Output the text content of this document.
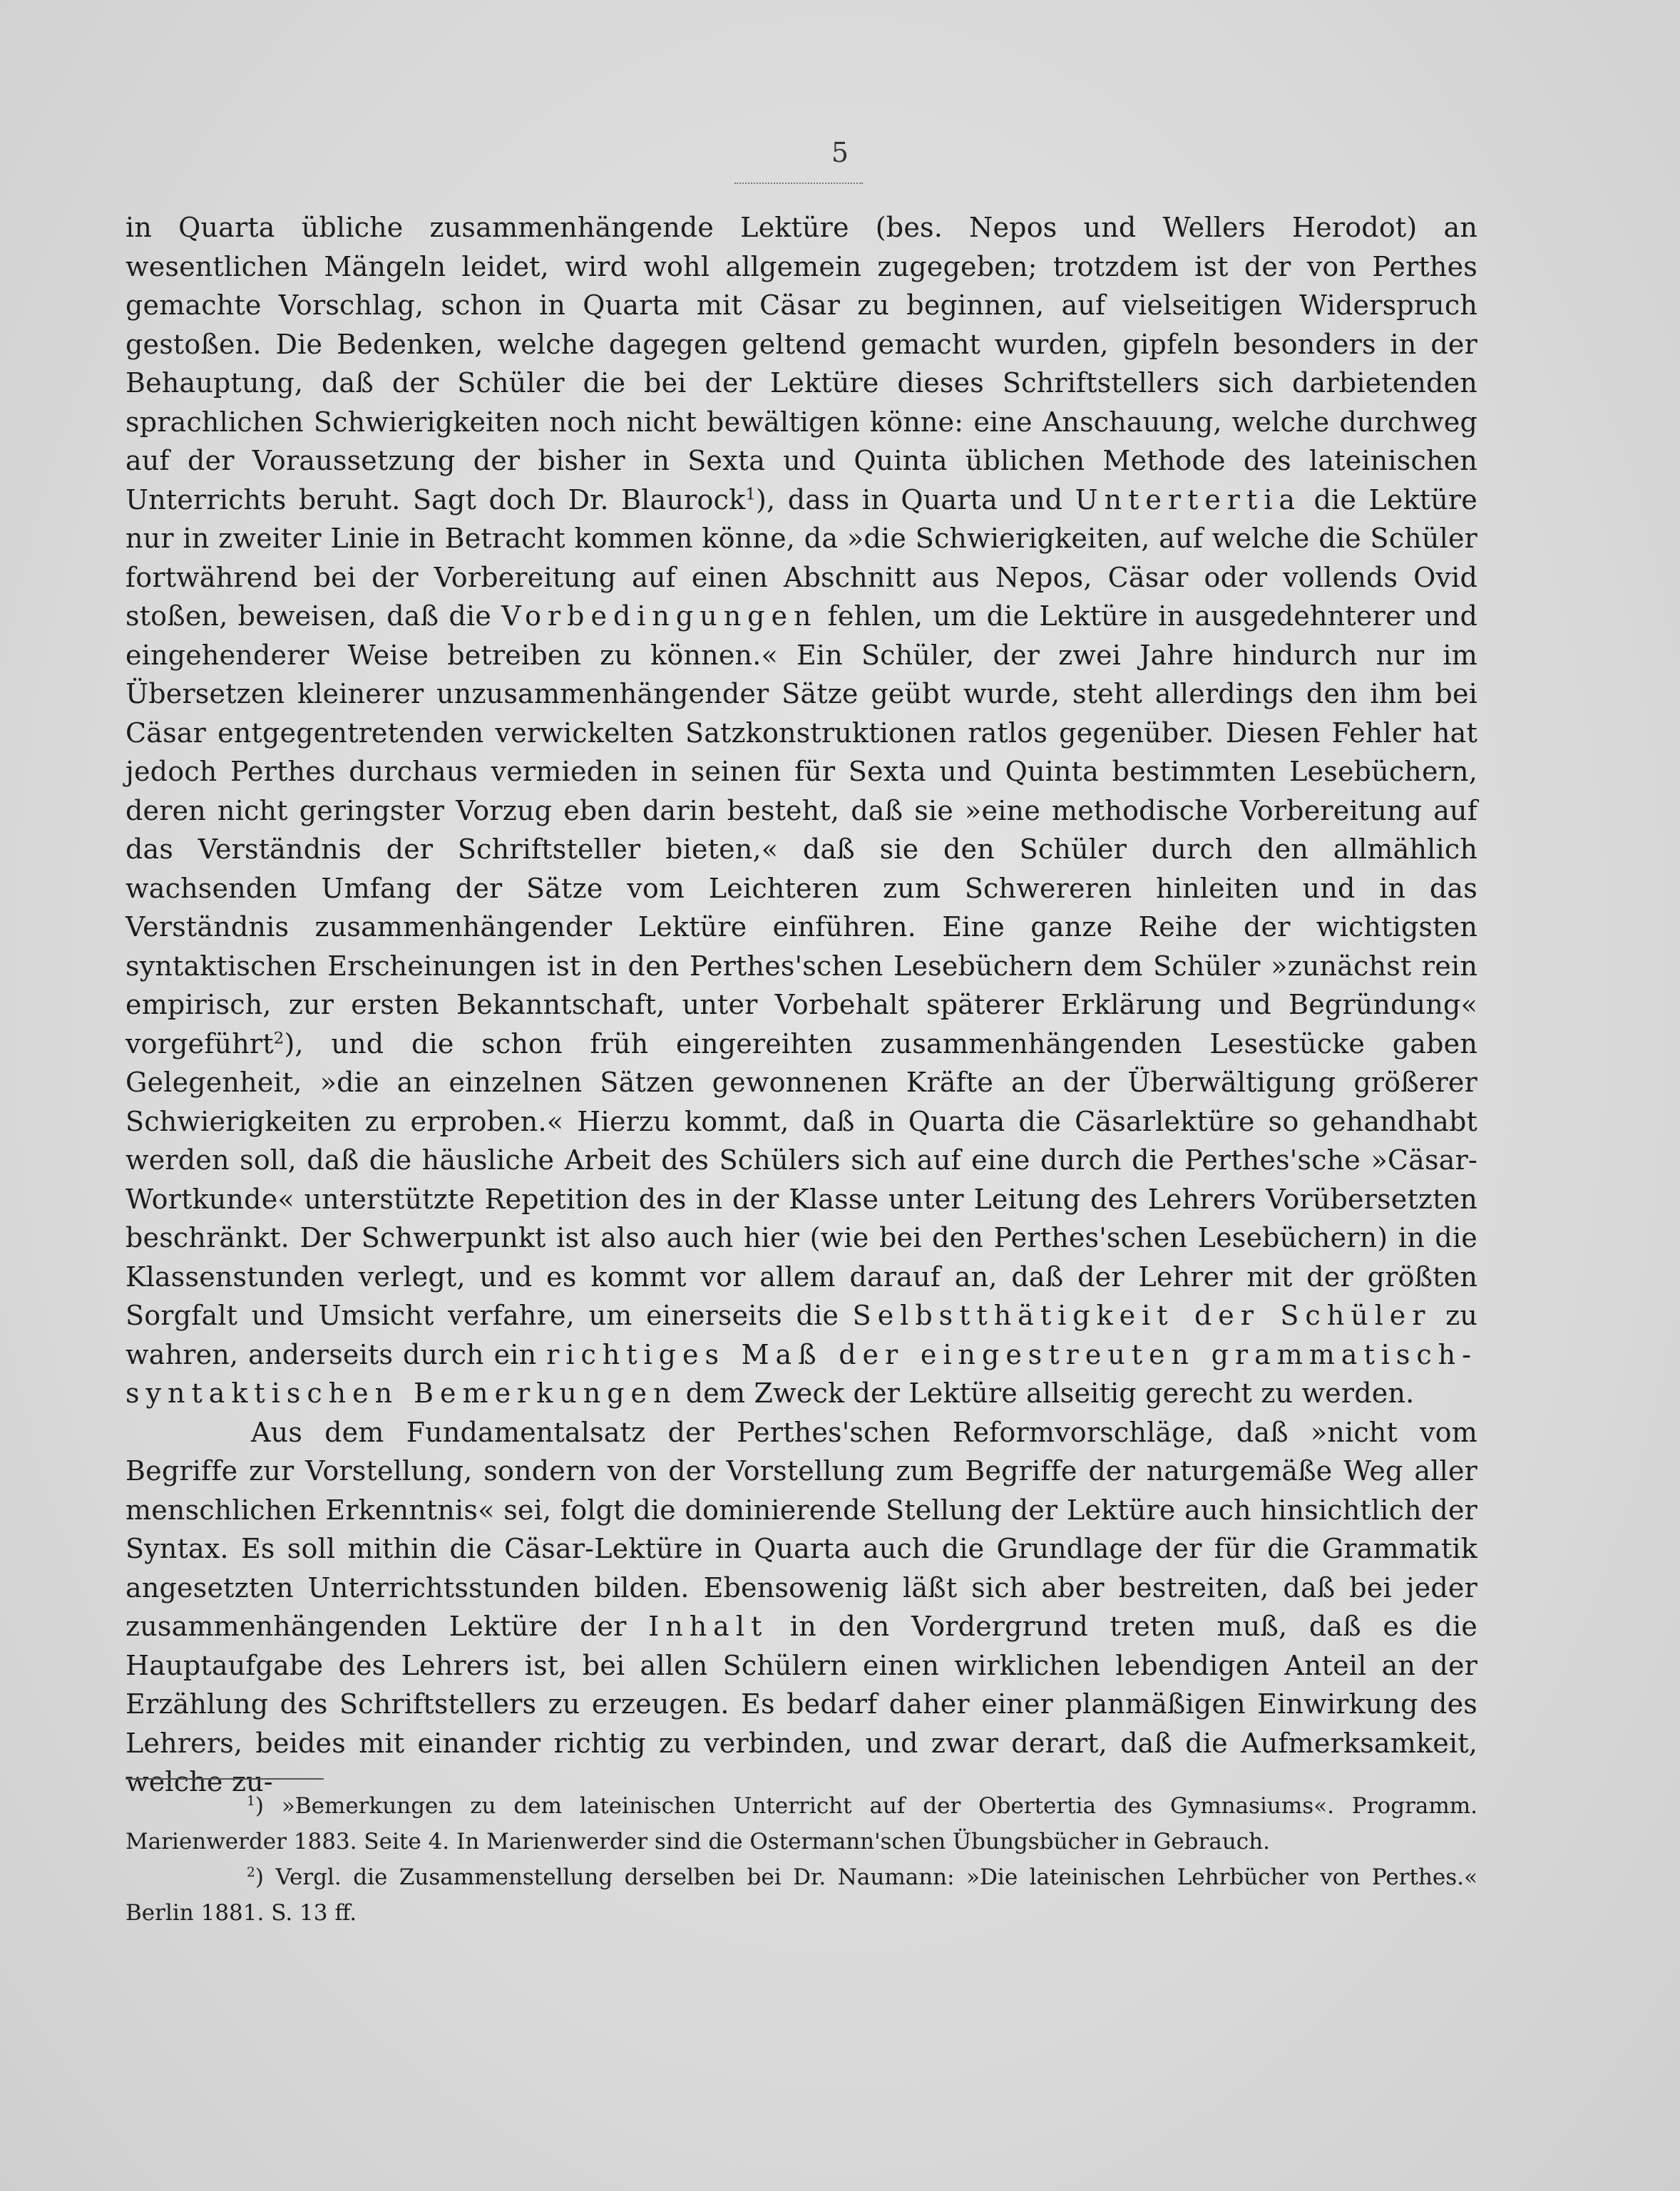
5

in Quarta übliche zusammenhängende Lektüre (bes. Nepos und Wellers Herodot) an wesentlichen Mängeln leidet, wird wohl allgemein zugegeben; trotzdem ist der von Perthes gemachte Vorschlag, schon in Quarta mit Cäsar zu beginnen, auf vielseitigen Widerspruch gestoßen. Die Bedenken, welche dagegen geltend gemacht wurden, gipfeln besonders in der Behauptung, daß der Schüler die bei der Lektüre dieses Schriftstellers sich darbietenden sprachlichen Schwierigkeiten noch nicht bewältigen könne: eine Anschauung, welche durchweg auf der Voraussetzung der bisher in Sexta und Quinta üblichen Methode des lateinischen Unterrichts beruht. Sagt doch Dr. Blaurock$^1$), dass in Quarta und Untertertia die Lektüre nur in zweiter Linie in Betracht kommen könne, da »die Schwierigkeiten, auf welche die Schüler fortwährend bei der Vorbereitung auf einen Abschnitt aus Nepos, Cäsar oder vollends Ovid stoßen, beweisen, daß die Vorbedingungen fehlen, um die Lektüre in ausgedehnterer und eingehenderer Weise betreiben zu können.« Ein Schüler, der zwei Jahre hindurch nur im Übersetzen kleinerer unzusammenhängender Sätze geübt wurde, steht allerdings den ihm bei Cäsar entgegentretenden verwickelten Satzkonstruktionen ratlos gegenüber. Diesen Fehler hat jedoch Perthes durchaus vermieden in seinen für Sexta und Quinta bestimmten Lesebüchern, deren nicht geringster Vorzug eben darin besteht, daß sie »eine methodische Vorbereitung auf das Verständnis der Schriftsteller bieten,« daß sie den Schüler durch den allmählich wachsenden Umfang der Sätze vom Leichteren zum Schwereren hinleiten und in das Verständnis zusammenhängender Lektüre einführen. Eine ganze Reihe der wichtigsten syntaktischen Erscheinungen ist in den Perthes'schen Lesebüchern dem Schüler »zunächst rein empirisch, zur ersten Bekanntschaft, unter Vorbehalt späterer Erklärung und Begründung« vorgeführt$^2$), und die schon früh eingereihten zusammenhängenden Lesestücke gaben Gelegenheit, »die an einzelnen Sätzen gewonnenen Kräfte an der Überwältigung größerer Schwierigkeiten zu erproben.« Hierzu kommt, daß in Quarta die Cäsarlektüre so gehandhabt werden soll, daß die häusliche Arbeit des Schülers sich auf eine durch die Perthes'sche »Cäsar-Wortkunde« unterstützte Repetition des in der Klasse unter Leitung des Lehrers Vorübersetzten beschränkt. Der Schwerpunkt ist also auch hier (wie bei den Perthes'schen Lesebüchern) in die Klassenstunden verlegt, und es kommt vor allem darauf an, daß der Lehrer mit der größten Sorgfalt und Umsicht verfahre, um einerseits die Selbstthätigkeit der Schüler zu wahren, anderseits durch ein richtiges Maß der eingestreuten grammatisch-syntaktischen Bemerkungen dem Zweck der Lektüre allseitig gerecht zu werden.

Aus dem Fundamentalsatz der Perthes'schen Reformvorschläge, daß »nicht vom Begriffe zur Vorstellung, sondern von der Vorstellung zum Begriffe der naturgemäße Weg aller menschlichen Erkenntnis« sei, folgt die dominierende Stellung der Lektüre auch hinsichtlich der Syntax. Es soll mithin die Cäsar-Lektüre in Quarta auch die Grundlage der für die Grammatik angesetzten Unterrichtsstunden bilden. Ebensowenig läßt sich aber bestreiten, daß bei jeder zusammenhängenden Lektüre der Inhalt in den Vordergrund treten muß, daß es die Hauptaufgabe des Lehrers ist, bei allen Schülern einen wirklichen lebendigen Anteil an der Erzählung des Schriftstellers zu erzeugen. Es bedarf daher einer planmäßigen Einwirkung des Lehrers, beides mit einander richtig zu verbinden, und zwar derart, daß die Aufmerksamkeit, welche zu-

$^1$) »Bemerkungen zu dem lateinischen Unterricht auf der Obertertia des Gymnasiums«. Programm. Marienwerder 1883. Seite 4. In Marienwerder sind die Ostermann'schen Übungsbücher in Gebrauch.

$^2$) Vergl. die Zusammenstellung derselben bei Dr. Naumann: »Die lateinischen Lehrbücher von Perthes.« Berlin 1881. S. 13 ff.
